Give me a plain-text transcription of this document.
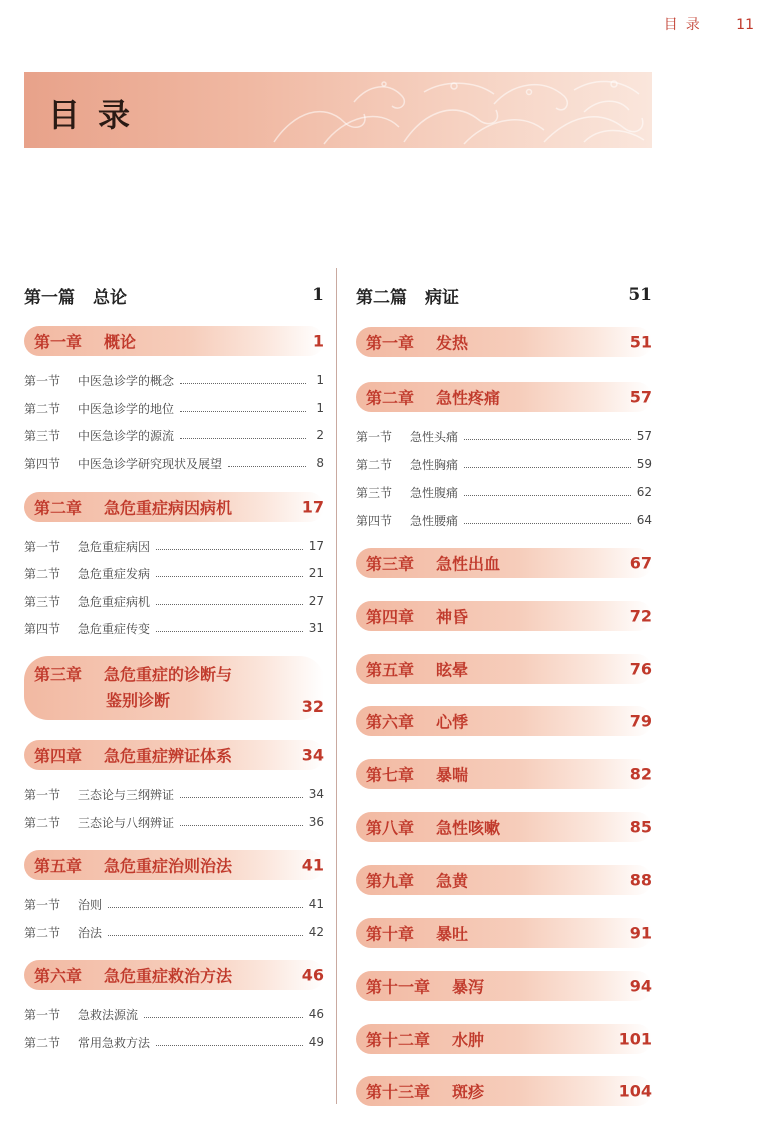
目录 11
目录
第一篇 总论	1
第一章 概论	1
第一节	中医急诊学的概念	1
第二节	中医急诊学的地位	1
第三节	中医急诊学的源流	2
第四节	中医急诊学研究现状及展望	8
第二章 急危重症病因病机	17
第一节	急危重症病因	17
第二节	急危重症发病	21
第三节	急危重症病机	27
第四节	急危重症传变	31
第三章 急危重症的诊断与
鉴别诊断	32
第四章 急危重症辨证体系	34
第一节	三态论与三纲辨证	34
第二节	三态论与八纲辨证	36
第五章 急危重症治则治法	41
第一节	治则	41
第二节	治法	42
第六章 急危重症救治方法	46
第一节	急救法源流	46
第二节	常用急救方法	49
第二篇 病证	51
第一章 发热	51
第二章 急性疼痛	57
第一节	急性头痛	57
第二节	急性胸痛	59
第三节	急性腹痛	62
第四节	急性腰痛	64
第三章 急性出血	67
第四章 神昏	72
第五章 眩晕	76
第六章 心悸	79
第七章 暴喘	82
第八章 急性咳嗽	85
第九章 急黄	88
第十章 暴吐	91
第十一章 暴泻	94
第十二章 水肿	101
第十三章 斑疹	104
